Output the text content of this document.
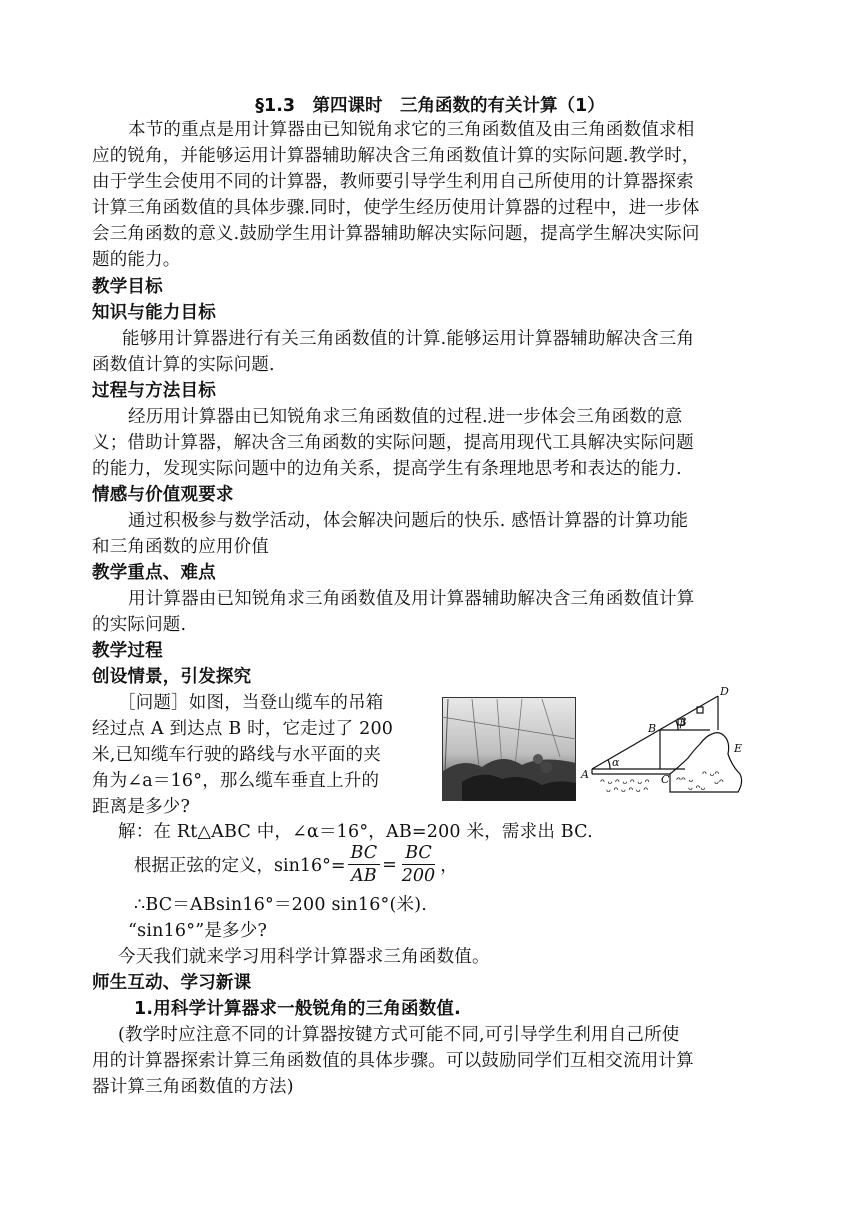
§1.3　第四课时　三角函数的有关计算（1）
本节的重点是用计算器由已知锐角求它的三角函数值及由三角函数值求相
应的锐角，并能够运用计算器辅助解决含三角函数值计算的实际问题.教学时，
由于学生会使用不同的计算器，教师要引导学生利用自己所使用的计算器探索
计算三角函数值的具体步骤.同时，使学生经历使用计算器的过程中，进一步体
会三角函数的意义.鼓励学生用计算器辅助解决实际问题，提高学生解决实际问
题的能力。
教学目标
知识与能力目标
能够用计算器进行有关三角函数值的计算.能够运用计算器辅助解决含三角
函数值计算的实际问题.
过程与方法目标
经历用计算器由已知锐角求三角函数值的过程.进一步体会三角函数的意
义；借助计算器，解决含三角函数的实际问题，提高用现代工具解决实际问题
的能力，发现实际问题中的边角关系，提高学生有条理地思考和表达的能力.
情感与价值观要求
通过积极参与数学活动，体会解决问题后的快乐. 感悟计算器的计算功能
和三角函数的应用价值
教学重点、难点
用计算器由已知锐角求三角函数值及用计算器辅助解决含三角函数值计算
的实际问题.
教学过程
创设情景，引发探究
［问题］如图，当登山缆车的吊箱
经过点 A 到达点 B 时，它走过了 200
米,已知缆车行驶的路线与水平面的夹
角为∠a＝16°，那么缆车垂直上升的
距离是多少?
A
B
C
D
E
α
β
ᴖᴖ ᴗ
ᴗ ᴖᴗ
ᴖ ᴗᴖ
ᴗᴖ
ᴖ ᴗ ᴖ ᴗ ᴖ ᴗ ᴖ
ᴗ ᴖ ᴗ ᴖ ᴗ ᴖ
解：在 Rt△ABC 中，∠α＝16°，AB=200 米，需求出 BC.
根据正弦的定义，$\sin 16^\circ= \frac{BC}{AB} = \frac{BC}{200}$ ，
∴BC＝ABsin16°＝200 sin16°(米).
“sin16°”是多少?
今天我们就来学习用科学计算器求三角函数值。
师生互动、学习新课
1.用科学计算器求一般锐角的三角函数值.
(教学时应注意不同的计算器按键方式可能不同,可引导学生利用自己所使
用的计算器探索计算三角函数值的具体步骤。可以鼓励同学们互相交流用计算
器计算三角函数值的方法)
